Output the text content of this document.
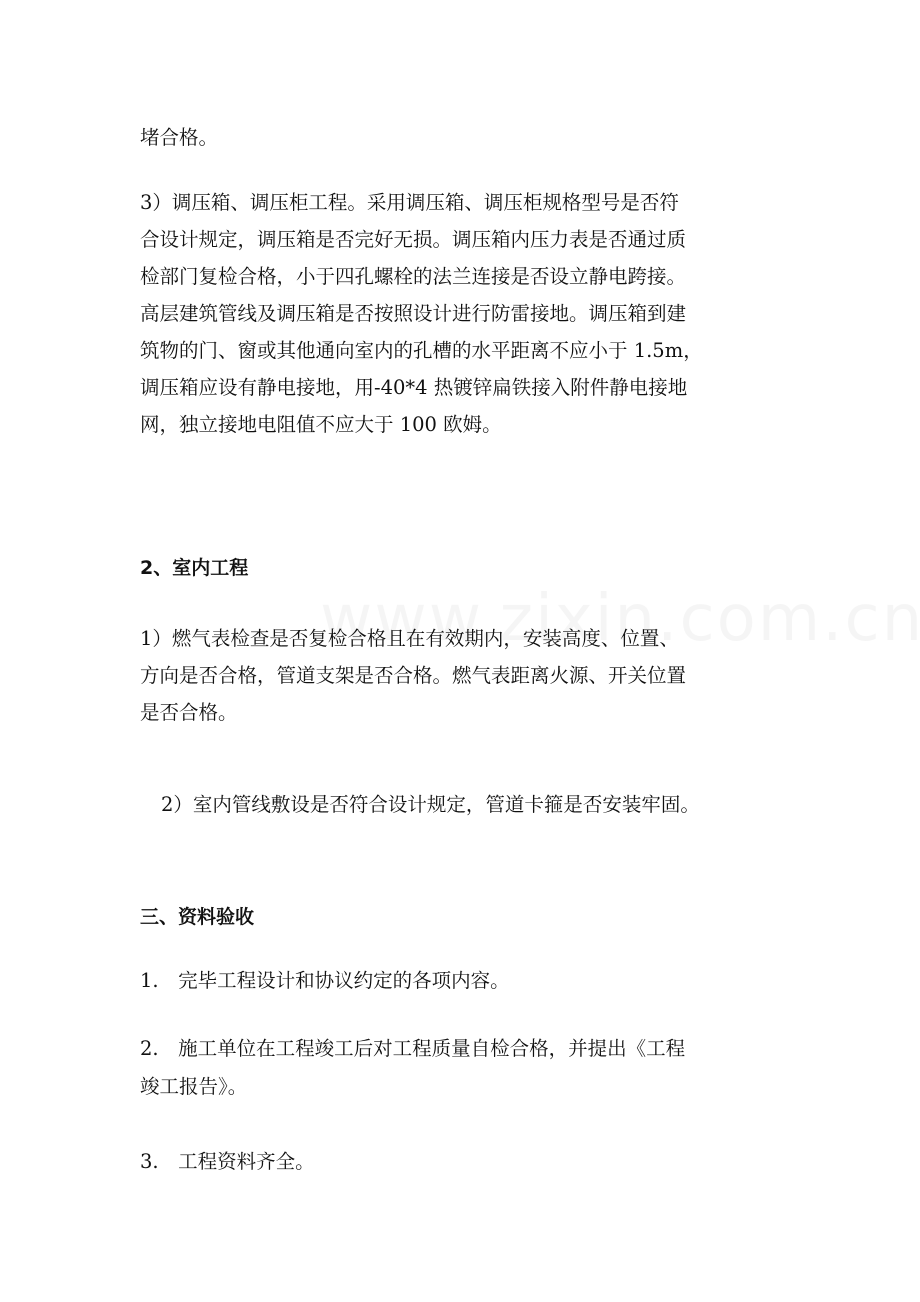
堵合格。

3）调压箱、调压柜工程。采用调压箱、调压柜规格型号是否符

合设计规定，调压箱是否完好无损。调压箱内压力表是否通过质

检部门复检合格，小于四孔螺栓的法兰连接是否设立静电跨接。

高层建筑管线及调压箱是否按照设计进行防雷接地。调压箱到建

筑物的门、窗或其他通向室内的孔槽的水平距离不应小于 1.5m，

调压箱应设有静电接地，用-40*4 热镀锌扁铁接入附件静电接地

网，独立接地电阻值不应大于 100 欧姆。

2、室内工程

1）燃气表检查是否复检合格且在有效期内，安装高度、位置、

方向是否合格，管道支架是否合格。燃气表距离火源、开关位置

是否合格。

2）室内管线敷设是否符合设计规定，管道卡箍是否安装牢固。

三、资料验收

1.　完毕工程设计和协议约定的各项内容。

2.　施工单位在工程竣工后对工程质量自检合格，并提出《工程

竣工报告》。

3.　工程资料齐全。
